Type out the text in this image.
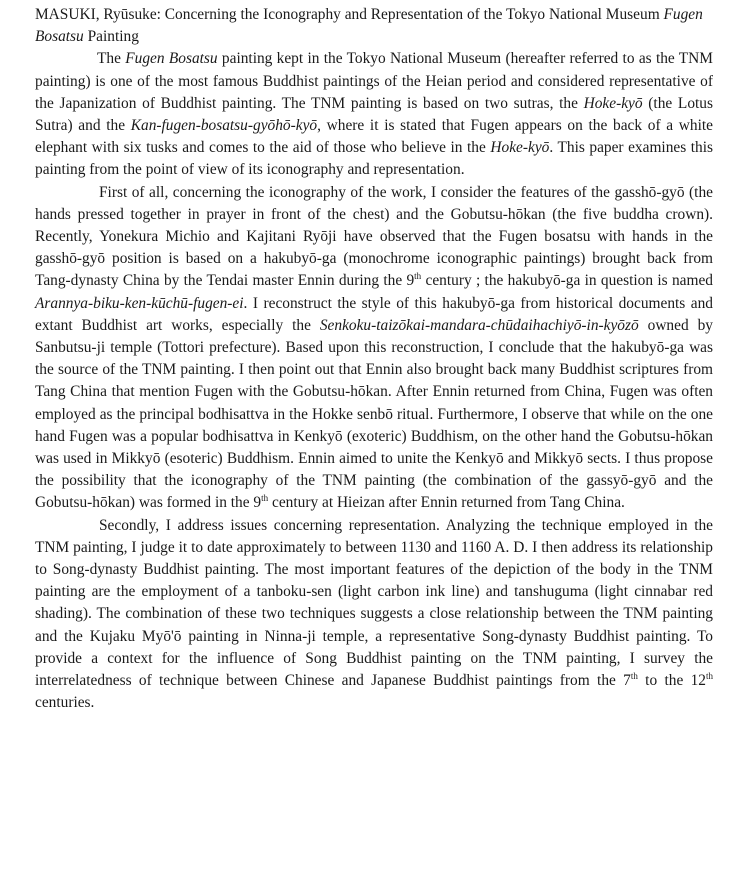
MASUKI, Ryūsuke: Concerning the Iconography and Representation of the Tokyo National Museum Fugen Bosatsu Painting

The Fugen Bosatsu painting kept in the Tokyo National Museum (hereafter referred to as the TNM painting) is one of the most famous Buddhist paintings of the Heian period and considered representative of the Japanization of Buddhist painting. The TNM painting is based on two sutras, the Hoke-kyō (the Lotus Sutra) and the Kan-fugen-bosatsu-gyōhō-kyō, where it is stated that Fugen appears on the back of a white elephant with six tusks and comes to the aid of those who believe in the Hoke-kyō. This paper examines this painting from the point of view of its iconography and representation.

First of all, concerning the iconography of the work, I consider the features of the gasshō-gyō (the hands pressed together in prayer in front of the chest) and the Gobutsu-hōkan (the five buddha crown). Recently, Yonekura Michio and Kajitani Ryōji have observed that the Fugen bosatsu with hands in the gasshō-gyō position is based on a hakubyō-ga (monochrome iconographic paintings) brought back from Tang-dynasty China by the Tendai master Ennin during the 9th century ; the hakubyō-ga in question is named Arannya-biku-ken-kūchū-fugen-ei. I reconstruct the style of this hakubyō-ga from historical documents and extant Buddhist art works, especially the Senkoku-taizōkai-mandara-chūdaihachiyō-in-kyōzō owned by Sanbutsu-ji temple (Tottori prefecture). Based upon this reconstruction, I conclude that the hakubyō-ga was the source of the TNM painting. I then point out that Ennin also brought back many Buddhist scriptures from Tang China that mention Fugen with the Gobutsu-hōkan. After Ennin returned from China, Fugen was often employed as the principal bodhisattva in the Hokke senbō ritual. Furthermore, I observe that while on the one hand Fugen was a popular bodhisattva in Kenkyō (exoteric) Buddhism, on the other hand the Gobutsu-hōkan was used in Mikkyō (esoteric) Buddhism. Ennin aimed to unite the Kenkyō and Mikkyō sects. I thus propose the possibility that the iconography of the TNM painting (the combination of the gassyō-gyō and the Gobutsu-hōkan) was formed in the 9th century at Hieizan after Ennin returned from Tang China.

Secondly, I address issues concerning representation. Analyzing the technique employed in the TNM painting, I judge it to date approximately to between 1130 and 1160 A. D. I then address its relationship to Song-dynasty Buddhist painting. The most important features of the depiction of the body in the TNM painting are the employment of a tanboku-sen (light carbon ink line) and tanshuguma (light cinnabar red shading). The combination of these two techniques suggests a close relationship between the TNM painting and the Kujaku Myō'ō painting in Ninna-ji temple, a representative Song-dynasty Buddhist painting. To provide a context for the influence of Song Buddhist painting on the TNM painting, I survey the interrelatedness of technique between Chinese and Japanese Buddhist paintings from the 7th to the 12th centuries.
